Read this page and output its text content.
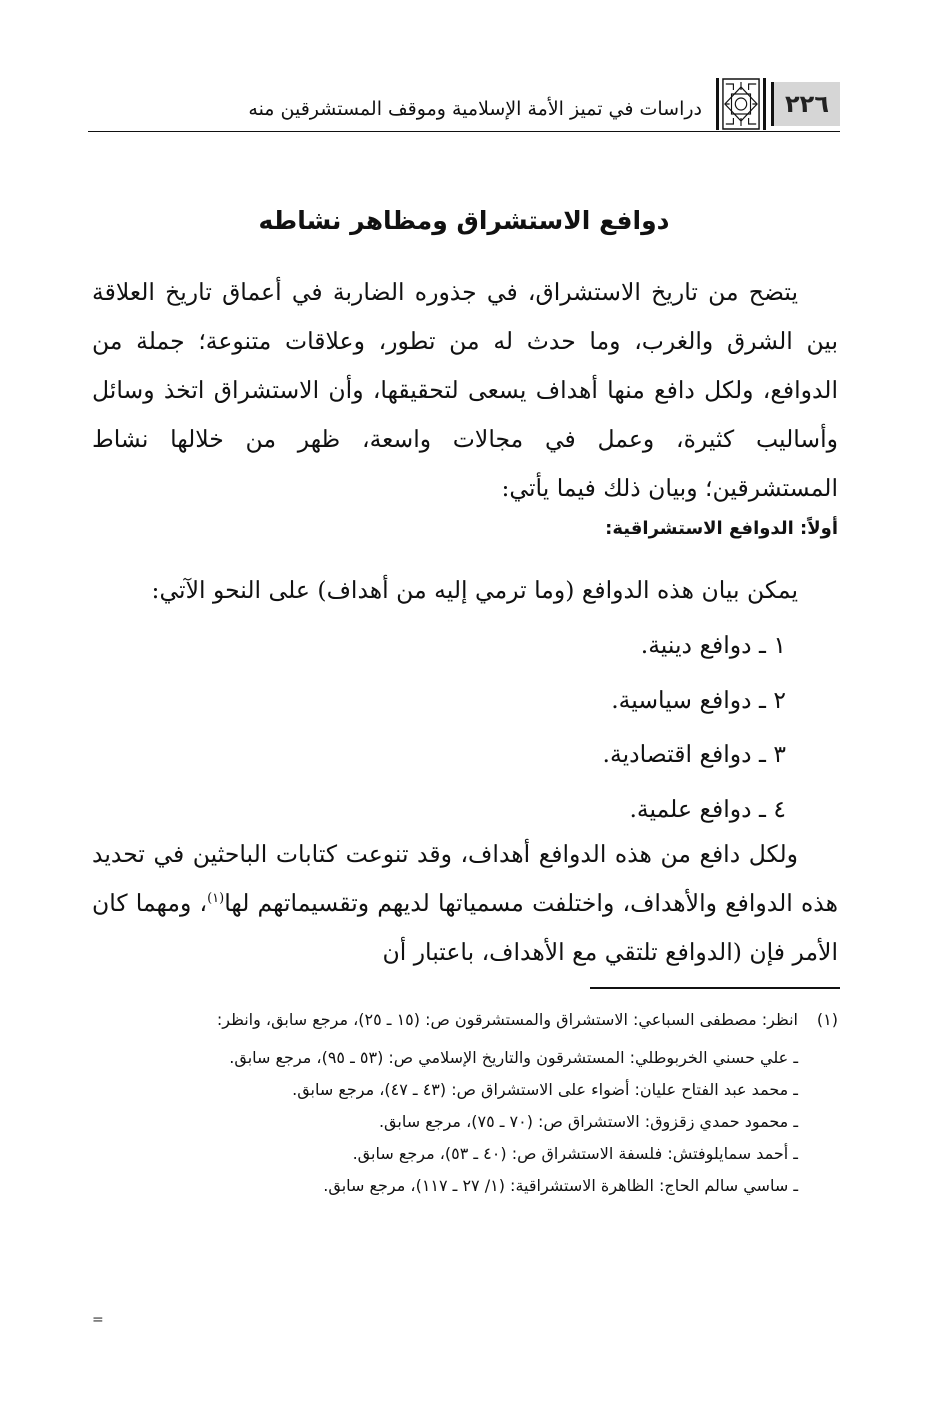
٢٢٦
دراسات في تميز الأمة الإسلامية وموقف المستشرقين منه
دوافع الاستشراق ومظاهر نشاطه

يتضح من تاريخ الاستشراق، في جذوره الضاربة في أعماق تاريخ العلاقة بين الشرق والغرب، وما حدث له من تطور، وعلاقات متنوعة؛ جملة من الدوافع، ولكل دافع منها أهداف يسعى لتحقيقها، وأن الاستشراق اتخذ وسائل وأساليب كثيرة، وعمل في مجالات واسعة، ظهر من خلالها نشاط المستشرقين؛ وبيان ذلك فيما يأتي:

أولاً: الدوافع الاستشراقية:

يمكن بيان هذه الدوافع (وما ترمي إليه من أهداف) على النحو الآتي:

١ ـ دوافع دينية.
٢ ـ دوافع سياسية.
٣ ـ دوافع اقتصادية.
٤ ـ دوافع علمية.

ولكل دافع من هذه الدوافع أهداف، وقد تنوعت كتابات الباحثين في تحديد هذه الدوافع والأهداف، واختلفت مسمياتها لديهم وتقسيماتهم لها$^{(١)}$، ومهما كان الأمر فإن (الدوافع تلتقي مع الأهداف، باعتبار أن

(١)
انظر: مصطفى السباعي: الاستشراق والمستشرقون ص: (١٥ ـ ٢٥)، مرجع سابق، وانظر:
ـ علي حسني الخربوطلي: المستشرقون والتاريخ الإسلامي ص: (٥٣ ـ ٩٥)، مرجع سابق.
ـ محمد عبد الفتاح عليان: أضواء على الاستشراق ص: (٤٣ ـ ٤٧)، مرجع سابق.
ـ محمود حمدي زقزوق: الاستشراق ص: (٧٠ ـ ٧٥)، مرجع سابق.
ـ أحمد سمايلوفتش: فلسفة الاستشراق ص: (٤٠ ـ ٥٣)، مرجع سابق.
ـ ساسي سالم الحاج: الظاهرة الاستشراقية: (١/ ٢٧ ـ ١١٧)، مرجع سابق.
=
